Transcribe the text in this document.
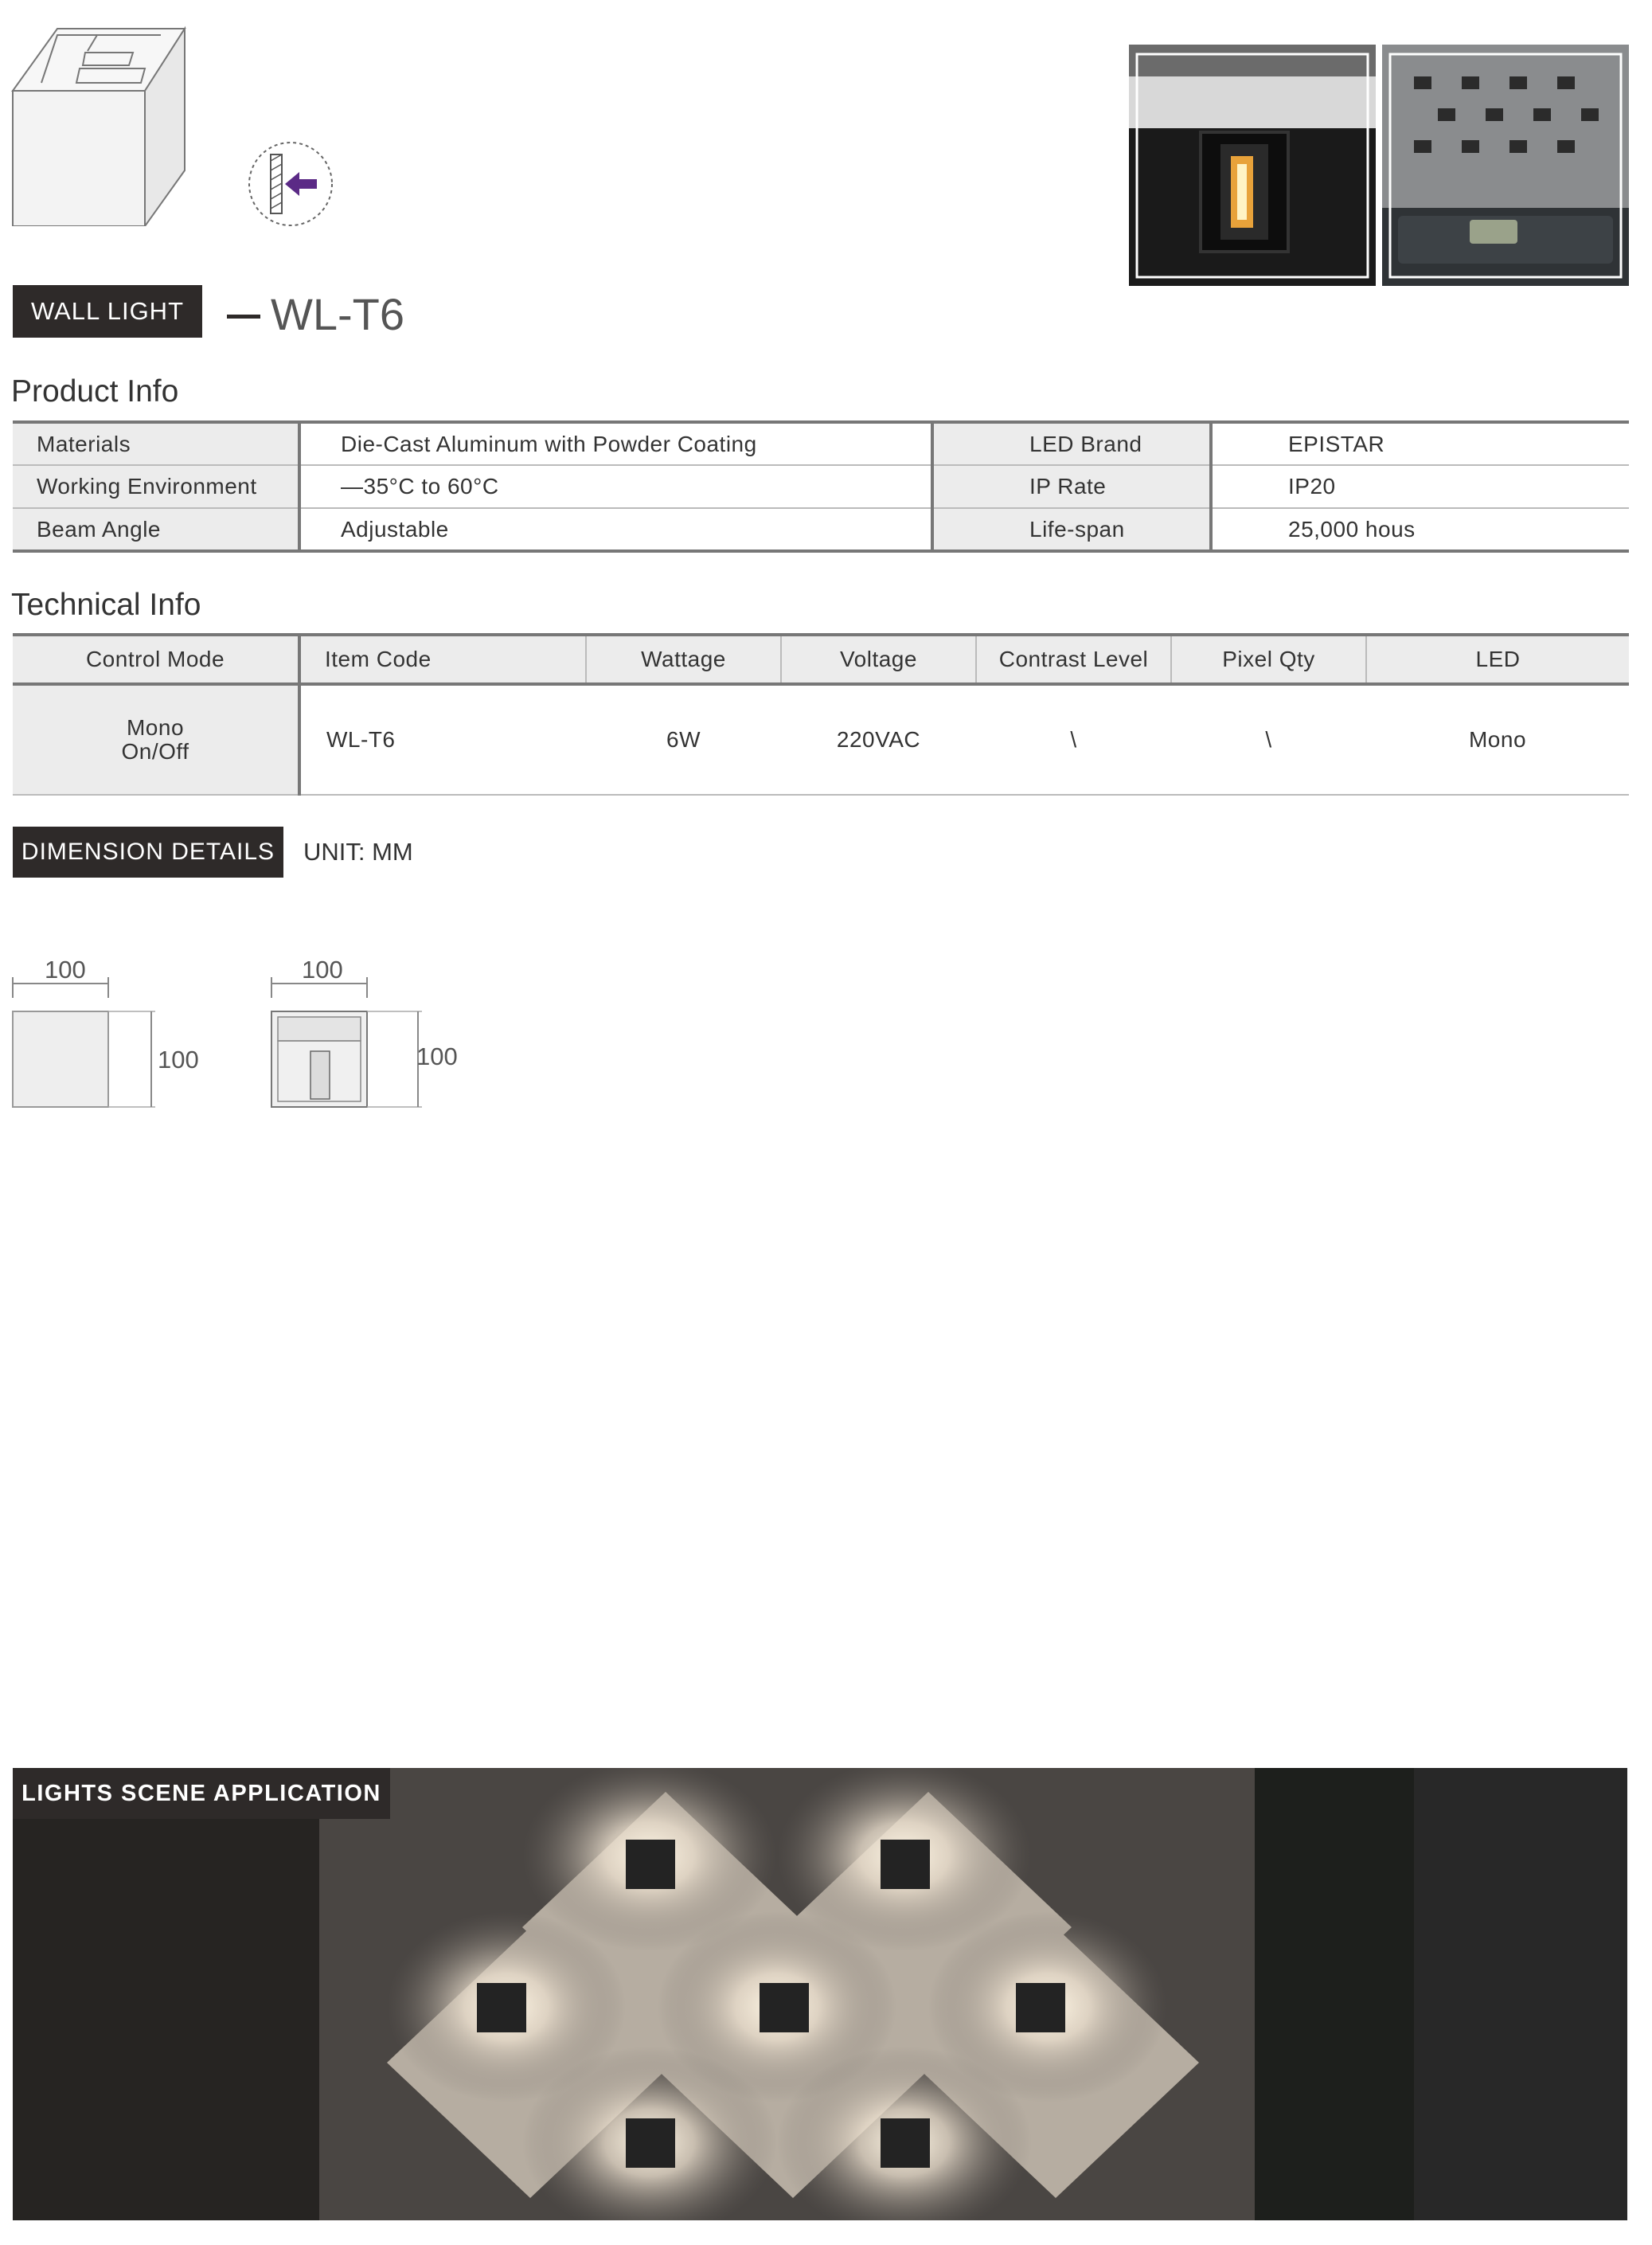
WALL LIGHT	WL-T6
Product Info
Materials	Die-Cast Aluminum with Powder Coating	LED Brand	EPISTAR
Working Environment	—35°C to 60°C	IP Rate	IP20
Beam Angle	Adjustable	Life-span	25,000 hous
Technical Info
Control Mode	Item Code	Wattage	Voltage	Contrast Level	Pixel Qty	LED

Mono
On/Off	WL-T6	6W	220VAC	\	\	Mono
DIMENSION DETAILS	UNIT: MM
100
100
100
100
LIGHTS SCENE APPLICATION
